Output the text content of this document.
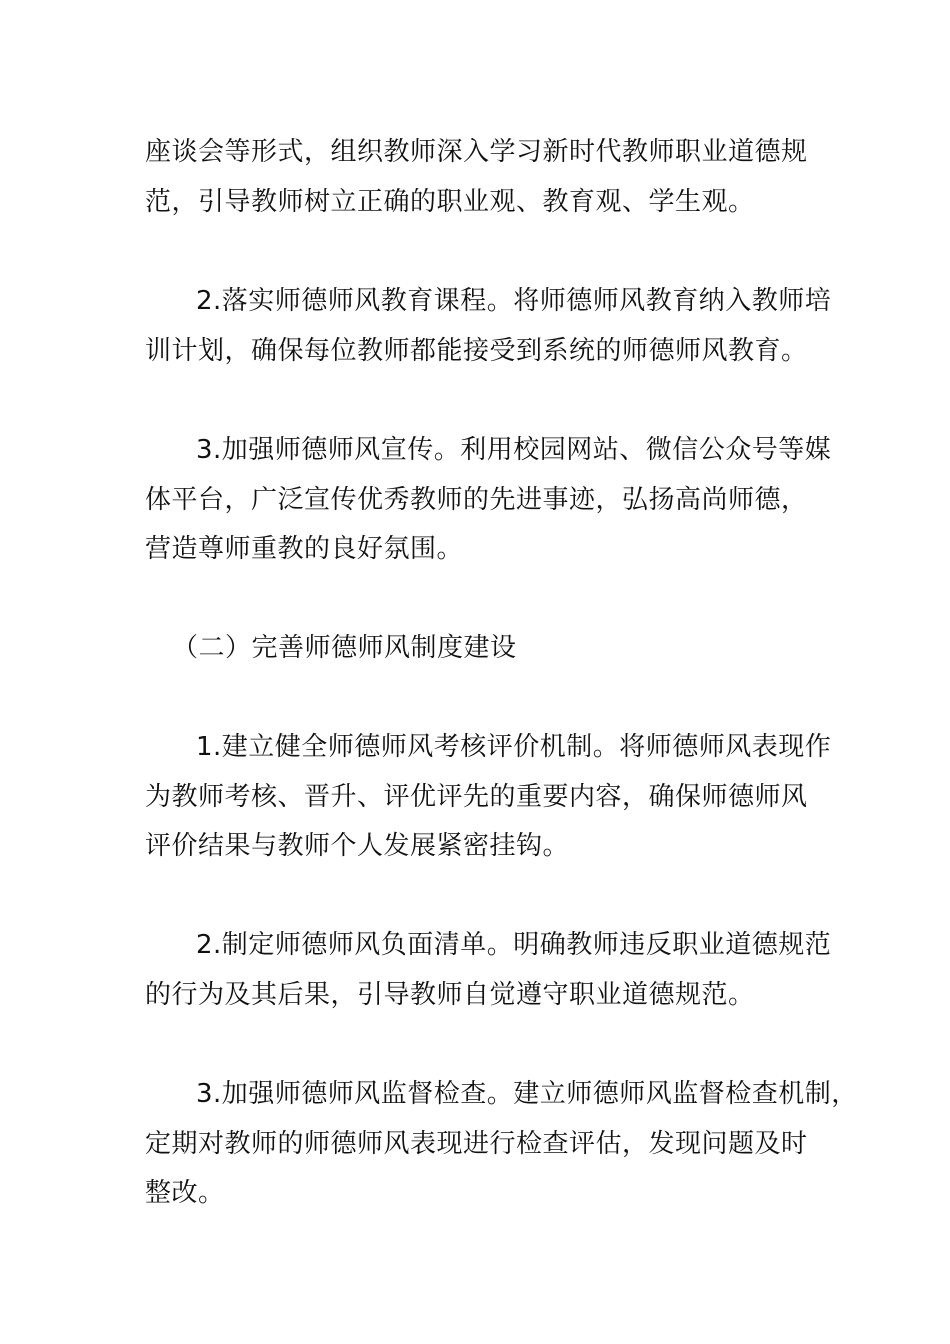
座谈会等形式，组织教师深入学习新时代教师职业道德规
范，引导教师树立正确的职业观、教育观、学生观。
2.落实师德师风教育课程。将师德师风教育纳入教师培
训计划，确保每位教师都能接受到系统的师德师风教育。
3.加强师德师风宣传。利用校园网站、微信公众号等媒
体平台，广泛宣传优秀教师的先进事迹，弘扬高尚师德，
营造尊师重教的良好氛围。
（二）完善师德师风制度建设
1.建立健全师德师风考核评价机制。将师德师风表现作
为教师考核、晋升、评优评先的重要内容，确保师德师风
评价结果与教师个人发展紧密挂钩。
2.制定师德师风负面清单。明确教师违反职业道德规范
的行为及其后果，引导教师自觉遵守职业道德规范。
3.加强师德师风监督检查。建立师德师风监督检查机制，
定期对教师的师德师风表现进行检查评估，发现问题及时
整改。
